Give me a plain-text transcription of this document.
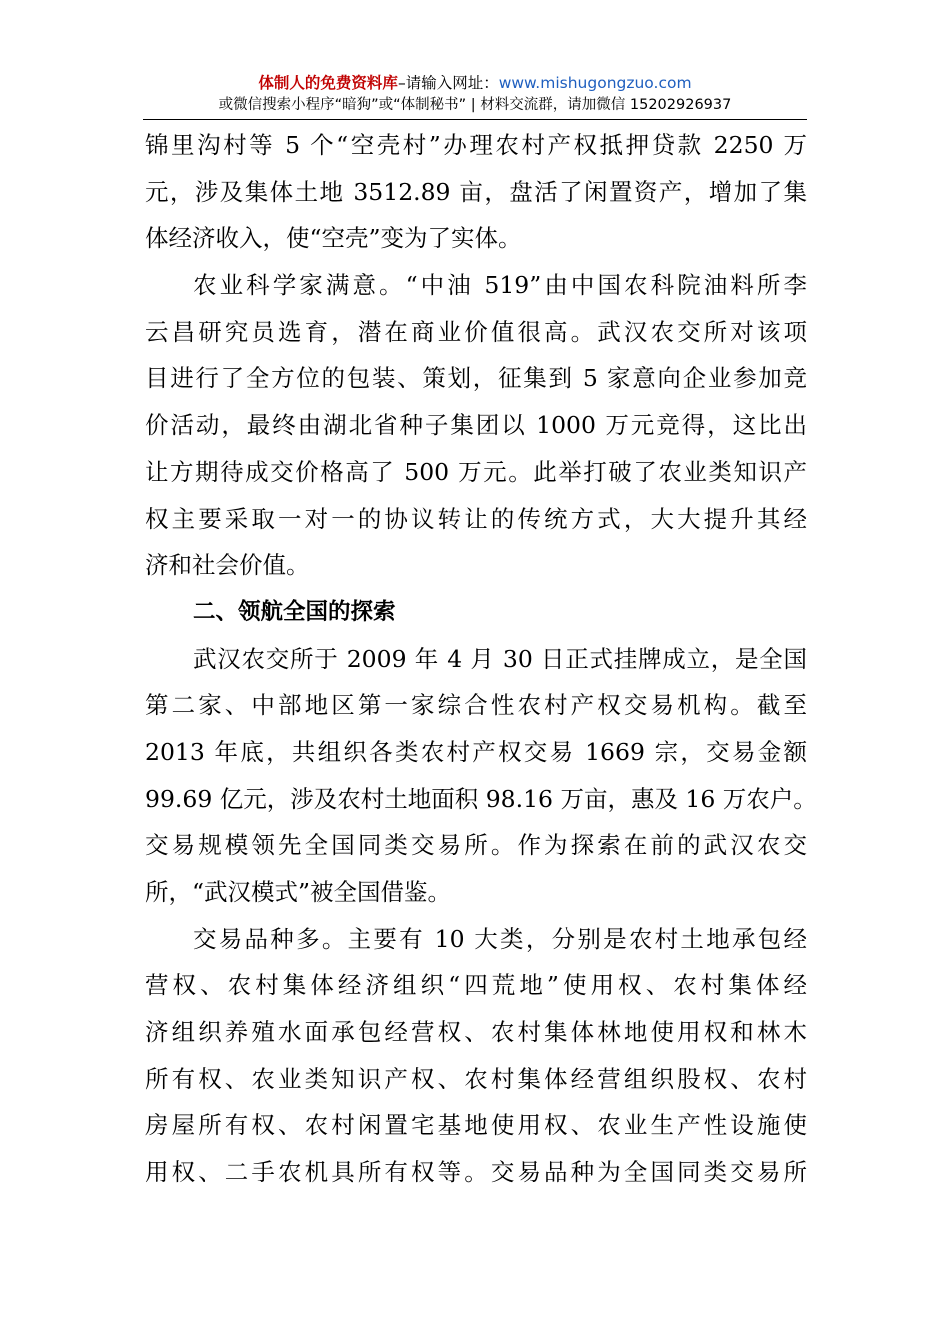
体制人的免费资料库–请输入网址：www.mishugongzuo.com
或微信搜索小程序“暗狗”或“体制秘书” | 材料交流群，请加微信 15202926937
锦里沟村等 5 个“空壳村”办理农村产权抵押贷款 2250 万
元，涉及集体土地 3512.89 亩，盘活了闲置资产，增加了集
体经济收入，使“空壳”变为了实体。
农业科学家满意。“中油 519”由中国农科院油料所李
云昌研究员选育，潜在商业价值很高。武汉农交所对该项
目进行了全方位的包装、策划，征集到 5 家意向企业参加竞
价活动，最终由湖北省种子集团以 1000 万元竞得，这比出
让方期待成交价格高了 500 万元。此举打破了农业类知识产
权主要采取一对一的协议转让的传统方式，大大提升其经
济和社会价值。
二、领航全国的探索
武汉农交所于 2009 年 4 月 30 日正式挂牌成立，是全国
第二家、中部地区第一家综合性农村产权交易机构。截至
2013 年底，共组织各类农村产权交易 1669 宗，交易金额
99.69 亿元，涉及农村土地面积 98.16 万亩，惠及 16 万农户。
交易规模领先全国同类交易所。作为探索在前的武汉农交
所，“武汉模式”被全国借鉴。
交易品种多。主要有 10 大类，分别是农村土地承包经
营权、农村集体经济组织“四荒地”使用权、农村集体经
济组织养殖水面承包经营权、农村集体林地使用权和林木
所有权、农业类知识产权、农村集体经营组织股权、农村
房屋所有权、农村闲置宅基地使用权、农业生产性设施使
用权、二手农机具所有权等。交易品种为全国同类交易所
